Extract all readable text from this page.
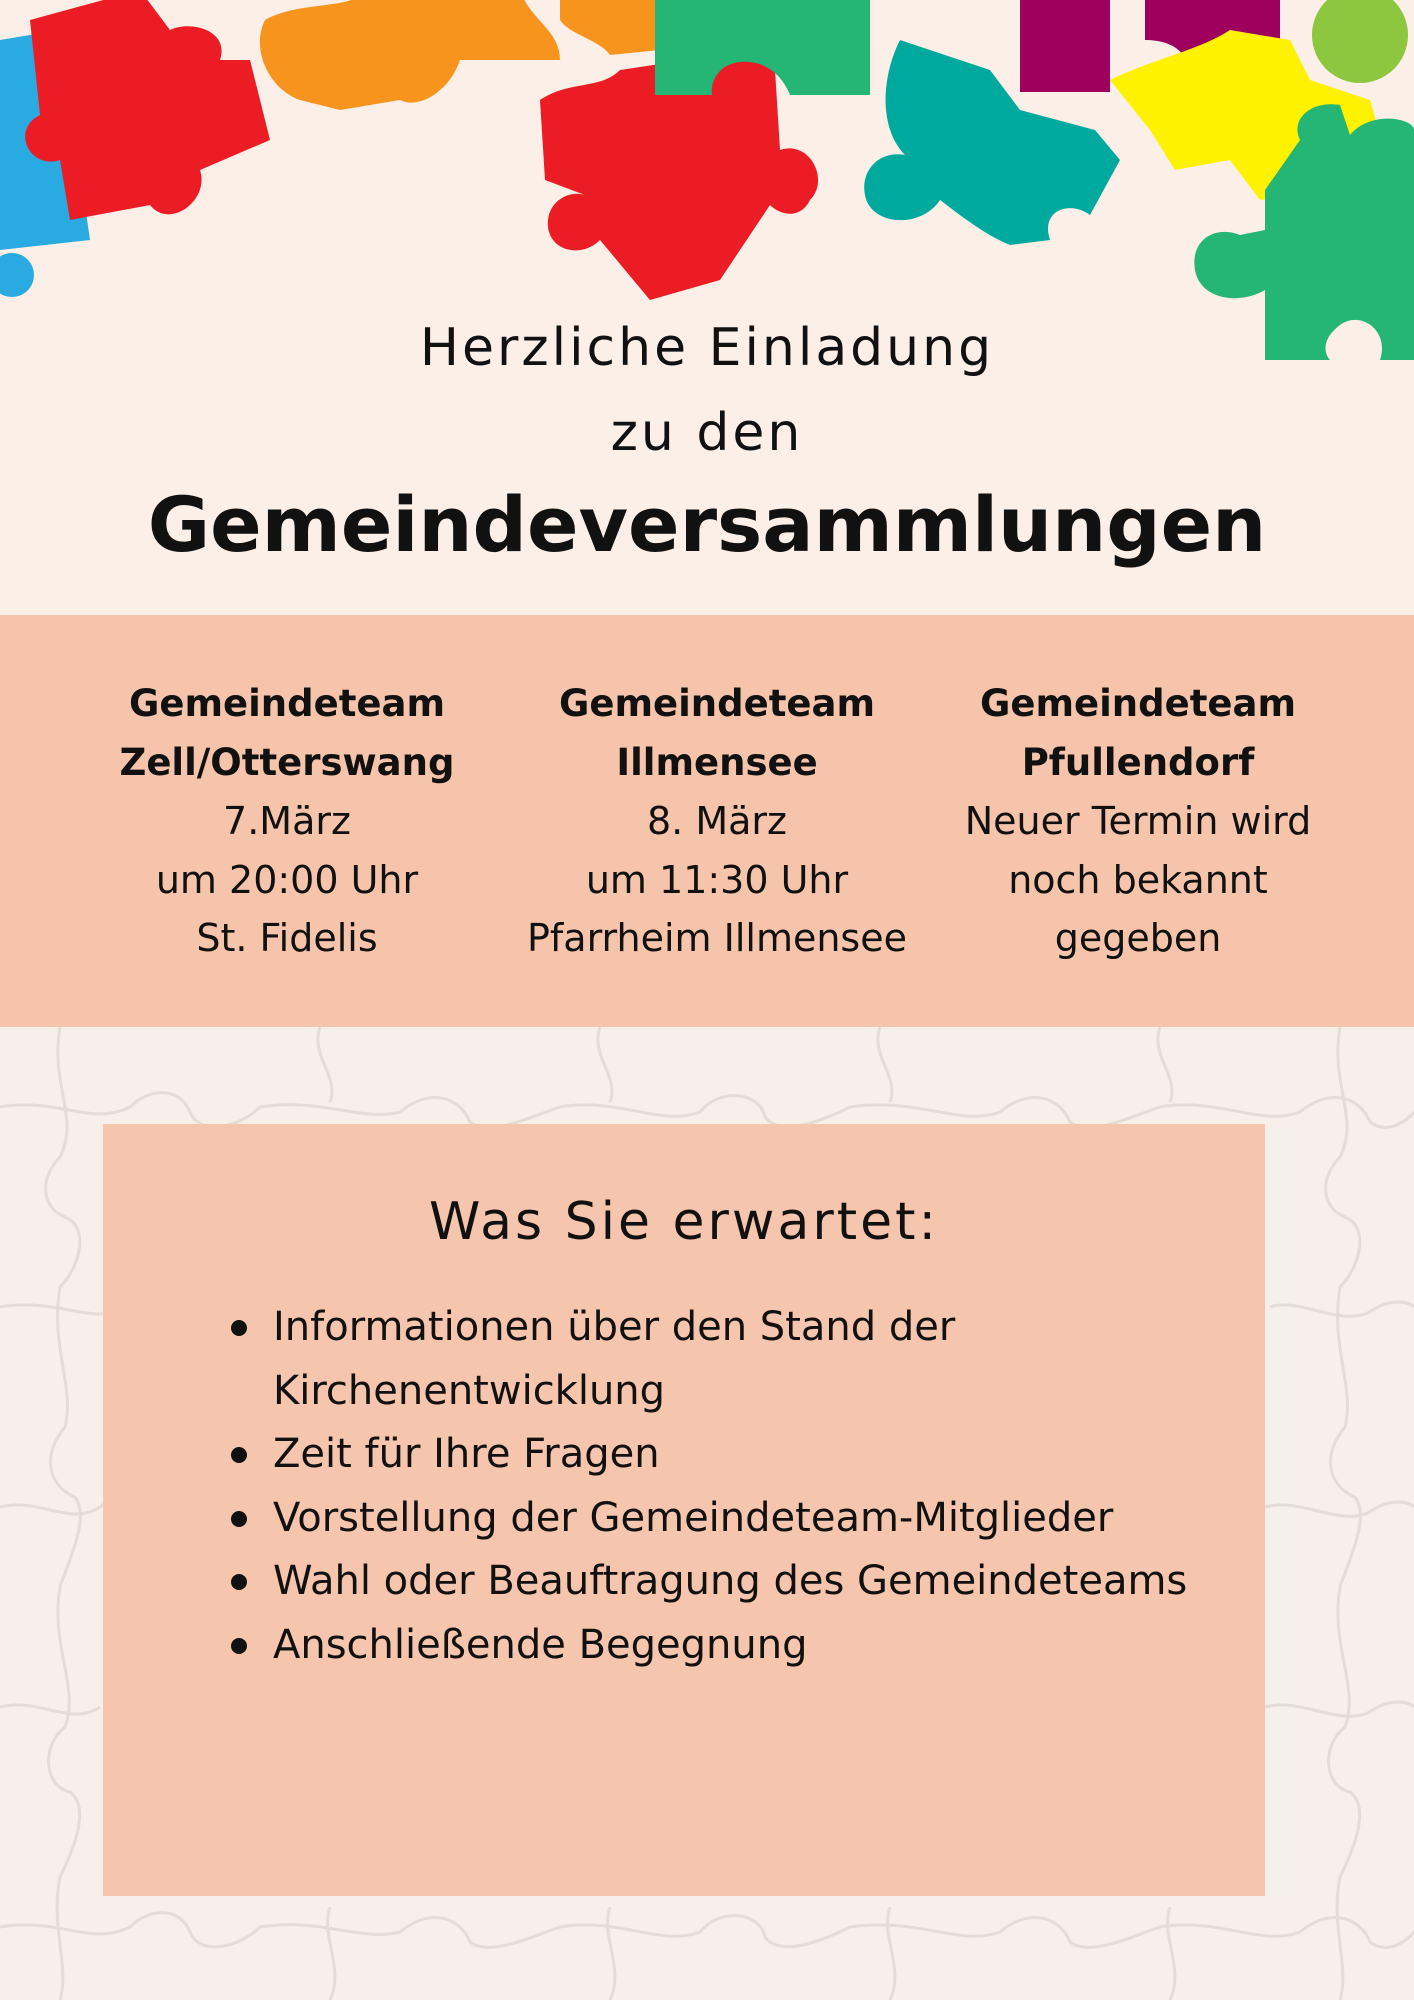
Herzliche Einladung
zu den
Gemeindeversammlungen
Gemeindeteam
Zell/Otterswang
7.März
um 20:00 Uhr
St. Fidelis
Gemeindeteam
Illmensee
8. März
um 11:30 Uhr
Pfarrheim Illmensee
Gemeindeteam
Pfullendorf
Neuer Termin wird
noch bekannt
gegeben
Was Sie erwartet:
Informationen über den Stand der Kirchenentwicklung
Zeit für Ihre Fragen
Vorstellung der Gemeindeteam-Mitglieder
Wahl oder Beauftragung des Gemeindeteams
Anschließende Begegnung
